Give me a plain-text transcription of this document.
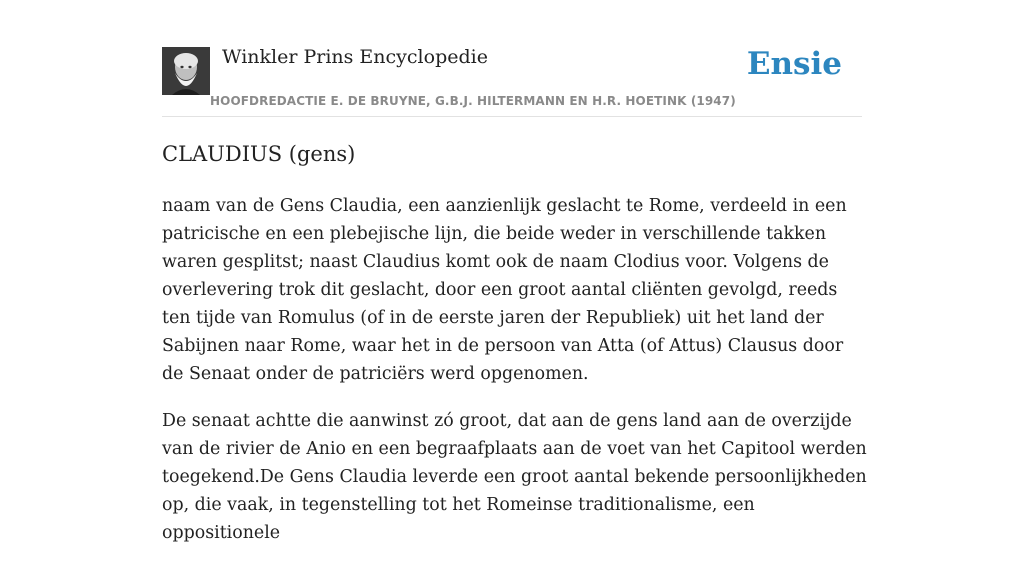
Winkler Prins Encyclopedie
HOOFDREDACTIE E. DE BRUYNE, G.B.J. HILTERMANN EN H.R. HOETINK (1947)
Ensie
CLAUDIUS (gens)

naam van de Gens Claudia, een aanzienlijk geslacht te Rome, verdeeld in een patricische en een plebejische lijn, die beide weder in verschillende takken waren gesplitst; naast Claudius komt ook de naam Clodius voor. Volgens de overlevering trok dit geslacht, door een groot aantal cliënten gevolgd, reeds ten tijde van Romulus (of in de eerste jaren der Republiek) uit het land der Sabijnen naar Rome, waar het in de persoon van Atta (of Attus) Clausus door de Senaat onder de patriciërs werd opgenomen.

De senaat achtte die aanwinst zó groot, dat aan de gens land aan de overzijde van de rivier de Anio en een begraafplaats aan de voet van het Capitool werden toegekend.De Gens Claudia leverde een groot aantal bekende persoonlijkheden op, die vaak, in tegenstelling tot het Romeinse traditionalisme, een oppositionele
